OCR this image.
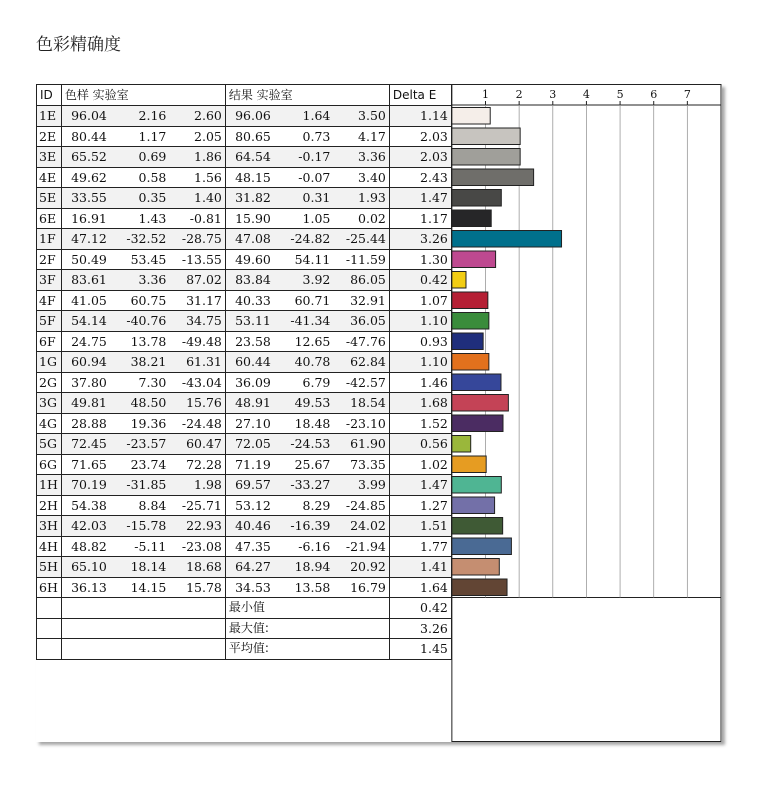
色彩精确度
ID	色样 实验室	结果 实验室	Delta E
1E	96.04 2.16 2.60	96.06 1.64 3.50	1.14
2E	80.44 1.17 2.05	80.65 0.73 4.17	2.03
3E	65.52 0.69 1.86	64.54 -0.17 3.36	2.03
4E	49.62 0.58 1.56	48.15 -0.07 3.40	2.43
5E	33.55 0.35 1.40	31.82 0.31 1.93	1.47
6E	16.91 1.43 -0.81	15.90 1.05 0.02	1.17
1F	47.12 -32.52 -28.75	47.08 -24.82 -25.44	3.26
2F	50.49 53.45 -13.55	49.60 54.11 -11.59	1.30
3F	83.61 3.36 87.02	83.84 3.92 86.05	0.42
4F	41.05 60.75 31.17	40.33 60.71 32.91	1.07
5F	54.14 -40.76 34.75	53.11 -41.34 36.05	1.10
6F	24.75 13.78 -49.48	23.58 12.65 -47.76	0.93
1G	60.94 38.21 61.31	60.44 40.78 62.84	1.10
2G	37.80 7.30 -43.04	36.09 6.79 -42.57	1.46
3G	49.81 48.50 15.76	48.91 49.53 18.54	1.68
4G	28.88 19.36 -24.48	27.10 18.48 -23.10	1.52
5G	72.45 -23.57 60.47	72.05 -24.53 61.90	0.56
6G	71.65 23.74 72.28	71.19 25.67 73.35	1.02
1H	70.19 -31.85 1.98	69.57 -33.27 3.99	1.47
2H	54.38 8.84 -25.71	53.12 8.29 -24.85	1.27
3H	42.03 -15.78 22.93	40.46 -16.39 24.02	1.51
4H	48.82 -5.11 -23.08	47.35 -6.16 -21.94	1.77
5H	65.10 18.14 18.68	64.27 18.94 20.92	1.41
6H	36.13 14.15 15.78	34.53 13.58 16.79	1.64
		最小值	0.42
		最大值:	3.26
		平均值:	1.45
1 2 3 4 5 6 7
